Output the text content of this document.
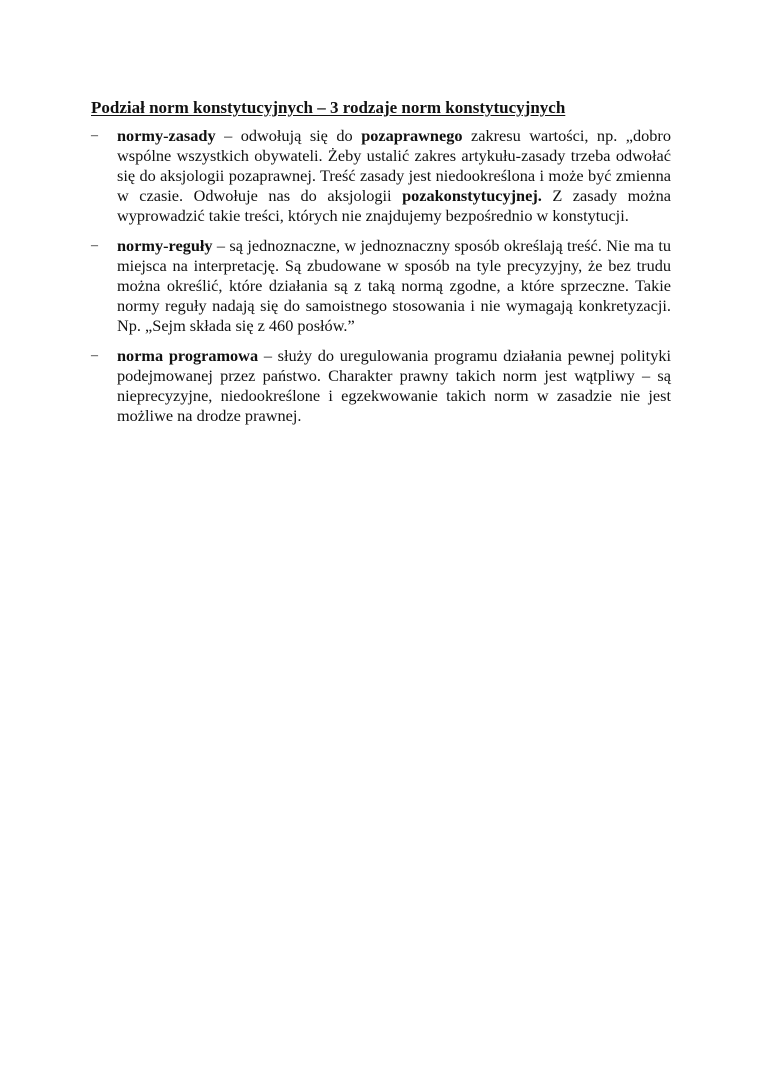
Podział norm konstytucyjnych – 3 rodzaje norm konstytucyjnych
– normy-zasady – odwołują się do pozaprawnego zakresu wartości, np. „dobro wspólne wszystkich obywateli. Żeby ustalić zakres artykułu-zasady trzeba odwołać się do aksjologii pozaprawnej. Treść zasady jest niedookreślona i może być zmienna w czasie. Odwołuje nas do aksjologii pozakonstytucyjnej. Z zasady można wyprowadzić takie treści, których nie znajdujemy bezpośrednio w konstytucji.
– normy-reguły – są jednoznaczne, w jednoznaczny sposób określają treść. Nie ma tu miejsca na interpretację. Są zbudowane w sposób na tyle precyzyjny, że bez trudu można określić, które działania są z taką normą zgodne, a które sprzeczne. Takie normy reguły nadają się do samoistnego stosowania i nie wymagają konkretyzacji. Np. „Sejm składa się z 460 posłów.”
– norma programowa – służy do uregulowania programu działania pewnej polityki podejmowanej przez państwo. Charakter prawny takich norm jest wątpliwy – są nieprecyzyjne, niedookreślone i egzekwowanie takich norm w zasadzie nie jest możliwe na drodze prawnej.
